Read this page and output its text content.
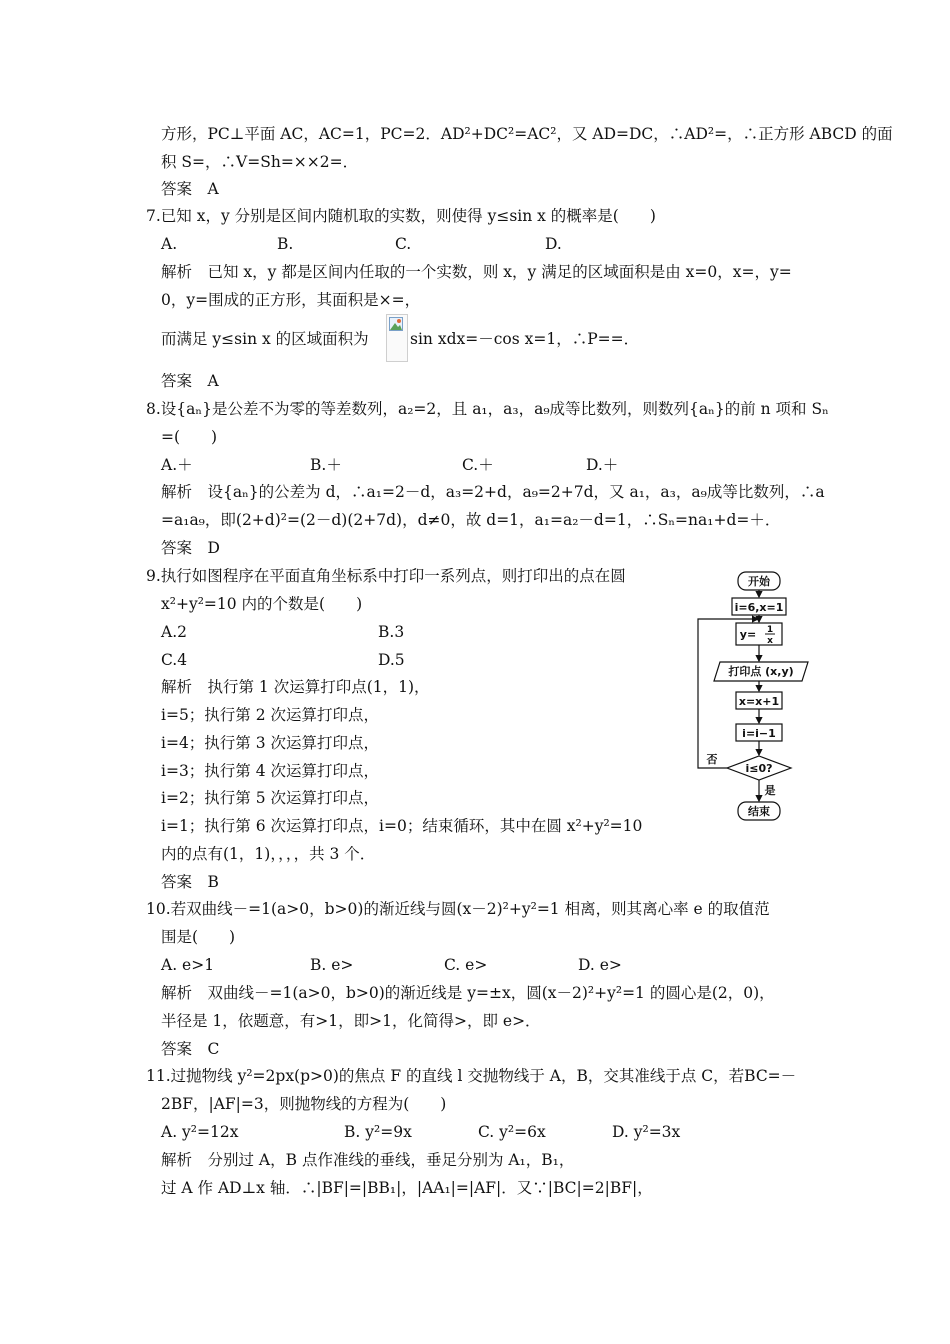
方形，PC⊥平面 AC，AC=1，PC=2．AD²+DC²=AC²，又 AD=DC，∴AD²=，∴正方形 ABCD 的面
积 S=，∴V=Sh=××2=．
答案　A
7.已知 x，y 分别是区间内随机取的实数，则使得 y≤sin x 的概率是(　　)
A.	B.	C.	D.
解析　已知 x，y 都是区间内任取的一个实数，则 x，y 满足的区域面积是由 x=0，x=，y=
0，y=围成的正方形，其面积是×=，
而满足 y≤sin x 的区域面积为	sin xdx=－cos x=1，∴P==．
答案　A
8.设{aₙ}是公差不为零的等差数列，a₂=2，且 a₁，a₃，a₉成等比数列，则数列{aₙ}的前 n 项和 Sₙ
=(　　)
A.＋	B.＋	C.＋	D.＋
解析　设{aₙ}的公差为 d，∴a₁=2－d，a₃=2+d，a₉=2+7d，又 a₁，a₃，a₉成等比数列，∴a
=a₁a₉，即(2+d)²=(2－d)(2+7d)，d≠0，故 d=1，a₁=a₂－d=1，∴Sₙ=na₁+d=＋．
答案　D
9.执行如图程序在平面直角坐标系中打印一系列点，则打印出的点在圆
x²+y²=10 内的个数是(　　)
A.2	B.3
C.4	D.5
解析　执行第 1 次运算打印点(1，1)，
i=5；执行第 2 次运算打印点，
i=4；执行第 3 次运算打印点，
i=3；执行第 4 次运算打印点，
i=2；执行第 5 次运算打印点，
i=1；执行第 6 次运算打印点，i=0；结束循环，其中在圆 x²+y²=10
内的点有(1，1)，，，，共 3 个．
答案　B
10.若双曲线－=1(a>0，b>0)的渐近线与圆(x－2)²+y²=1 相离，则其离心率 e 的取值范
围是(　　)
A. e>1	B. e>	C. e>	D. e>
解析　双曲线－=1(a>0，b>0)的渐近线是 y=±x，圆(x－2)²+y²=1 的圆心是(2，0)，
半径是 1，依题意，有>1，即>1，化简得>，即 e>．
答案　C
11.过抛物线 y²=2px(p>0)的焦点 F 的直线 l 交抛物线于 A，B，交其准线于点 C，若BC=－
2BF，|AF|=3，则抛物线的方程为(　　)
A. y²=12x	B. y²=9x	C. y²=6x	D. y²=3x
解析　分别过 A，B 点作准线的垂线，垂足分别为 A₁，B₁，
过 A 作 AD⊥x 轴．∴|BF|=|BB₁|，|AA₁|=|AF|．又∵|BC|=2|BF|，
开始
i=6,x=1
y= 1
x
打印点 (x,y)
x=x+1
i=i−1
i≤0?
否
是
结束
